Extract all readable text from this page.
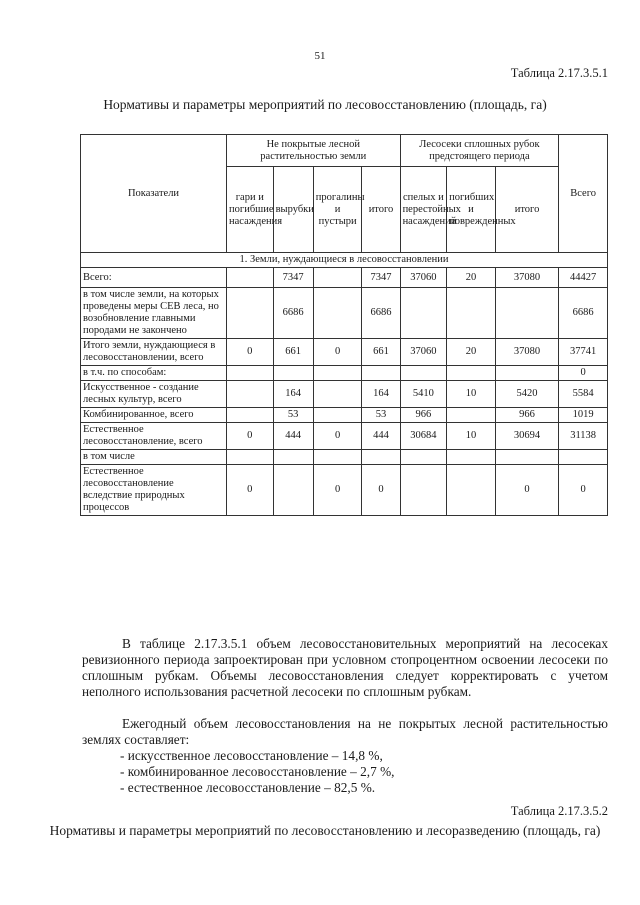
51
Таблица 2.17.3.5.1
Нормативы и параметры мероприятий по лесовосстановлению (площадь, га)
Показатели	Не покрытые лесной растительностью земли				Лесосеки сплошных рубок предстоящего периода			Всего
	гари и погибшие насаждения	вырубки	прогалины и пустыри	итого	спелых и перестойных насаждений	погибших и поврежденных	итого	
1. Земли, нуждающиеся в лесовосстановлении								
Всего:		7347		7347	37060	20	37080	44427
в том числе земли, на которых проведены меры СЕВ леса, но возобновление главными породами не закончено		6686		6686				6686
Итого земли, нуждающиеся в лесовосстановлении, всего	0	661	0	661	37060	20	37080	37741
в т.ч. по способам:								0
Искусственное - создание лесных культур, всего		164		164	5410	10	5420	5584
Комбинированное, всего		53		53	966		966	1019
Естественное лесовосстановление, всего	0	444	0	444	30684	10	30694	31138
в том числе								
Естественное лесовосстановление вследствие природных процессов	0		0	0			0	0
В таблице 2.17.3.5.1 объем лесовосстановительных мероприятий на лесосеках ревизионного периода запроектирован при условном стопроцентном освоении лесосеки по сплошным рубкам. Объемы лесовосстановления следует корректировать с учетом неполного использования расчетной лесосеки по сплошным рубкам.
Ежегодный объем лесовосстановления на не покрытых лесной растительностью землях составляет:
- искусственное лесовосстановление – 14,8 %,
- комбинированное лесовосстановление – 2,7 %,
- естественное лесовосстановление – 82,5 %.
Таблица 2.17.3.5.2
Нормативы и параметры мероприятий по лесовосстановлению и лесоразведению (площадь, га)
